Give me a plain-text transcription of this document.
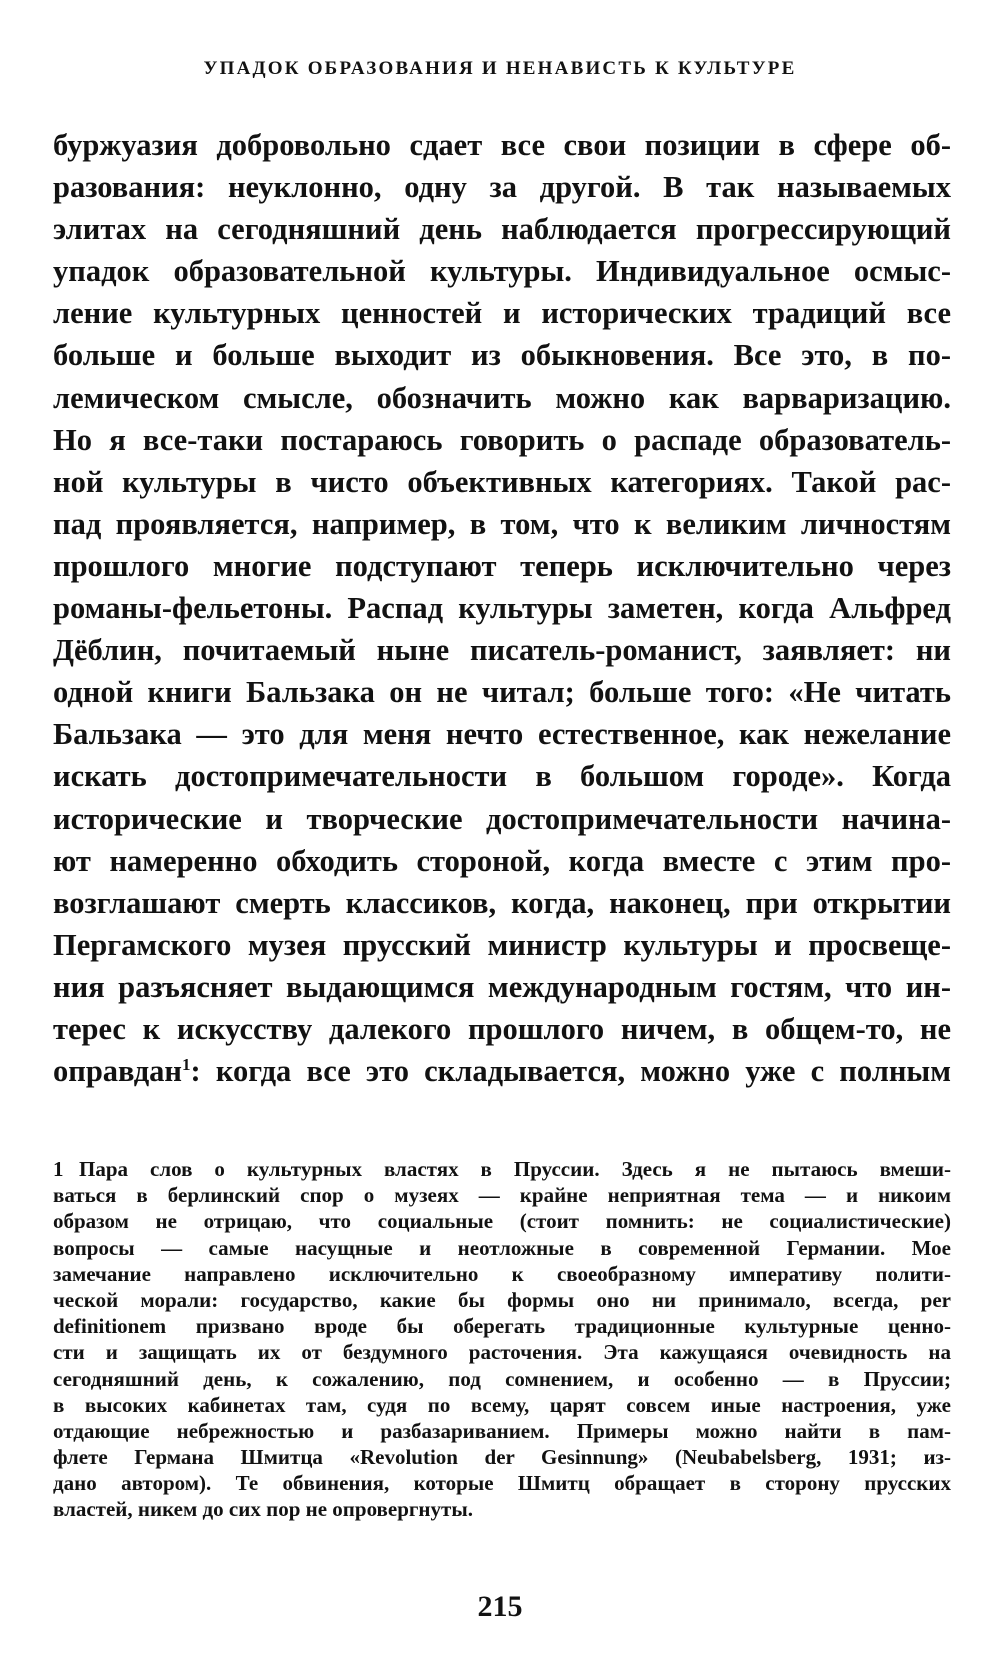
УПАДОК ОБРАЗОВАНИЯ И НЕНАВИСТЬ К КУЛЬТУРЕ
буржуазия добровольно сдает все свои позиции в сфере об-
разования: неуклонно, одну за другой. В так называемых
элитах на сегодняшний день наблюдается прогрессирующий
упадок образовательной культуры. Индивидуальное осмыс-
ление культурных ценностей и исторических традиций все
больше и больше выходит из обыкновения. Все это, в по-
лемическом смысле, обозначить можно как варваризацию.
Но я все-таки постараюсь говорить о распаде образователь-
ной культуры в чисто объективных категориях. Такой рас-
пад проявляется, например, в том, что к великим личностям
прошлого многие подступают теперь исключительно через
романы-фельетоны. Распад культуры заметен, когда Альфред
Дёблин, почитаемый ныне писатель-романист, заявляет: ни
одной книги Бальзака он не читал; больше того: «Не читать
Бальзака — это для меня нечто естественное, как нежелание
искать достопримечательности в большом городе». Когда
исторические и творческие достопримечательности начина-
ют намеренно обходить стороной, когда вместе с этим про-
возглашают смерть классиков, когда, наконец, при открытии
Пергамского музея прусский министр культуры и просвеще-
ния разъясняет выдающимся международным гостям, что ин-
терес к искусству далекого прошлого ничем, в общем-то, не
оправдан$^1$: когда все это складывается, можно уже с полным
1 Пара слов о культурных властях в Пруссии. Здесь я не пытаюсь вмеши-
ваться в берлинский спор о музеях — крайне неприятная тема — и никоим
образом не отрицаю, что социальные (стоит помнить: не социалистические)
вопросы — самые насущные и неотложные в современной Германии. Мое
замечание направлено исключительно к своеобразному императиву полити-
ческой морали: государство, какие бы формы оно ни принимало, всегда, per
definitionem призвано вроде бы оберегать традиционные культурные ценно-
сти и защищать их от бездумного расточения. Эта кажущаяся очевидность на
сегодняшний день, к сожалению, под сомнением, и особенно — в Пруссии;
в высоких кабинетах там, судя по всему, царят совсем иные настроения, уже
отдающие небрежностью и разбазариванием. Примеры можно найти в пам-
флете Германа Шмитца «Revolution der Gesinnung» (Neubabelsberg, 1931; из-
дано автором). Те обвинения, которые Шмитц обращает в сторону прусских
властей, никем до сих пор не опровергнуты.
215
